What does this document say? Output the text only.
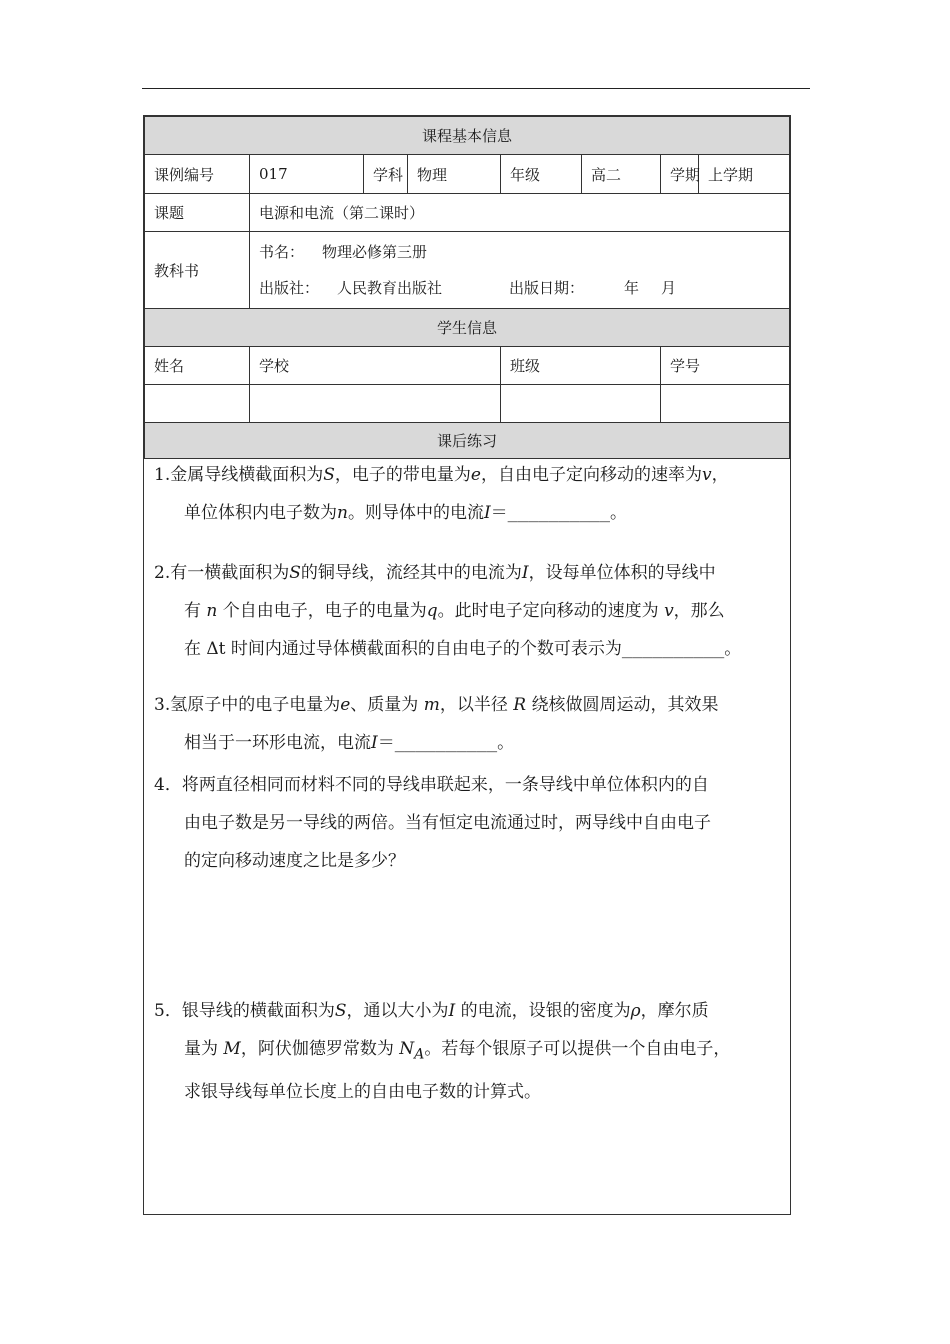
课程基本信息							
课例编号	017	学科	物理	年级	高二	学期	上学期
课题	电源和电流（第二课时）						
教科书	书名： 物理必修第三册
出版社： 人民教育出版社 出版日期： 年 月						

学生信息							
姓名	学校			班级		学号	

课后练习							

1.金属导线横截面积为S，电子的带电量为e，自由电子定向移动的速率为v，

单位体积内电子数为n。则导体中的电流I＝__________。

2.有一横截面积为S的铜导线，流经其中的电流为I，设每单位体积的导线中

有 n 个自由电子，电子的电量为q。此时电子定向移动的速度为 v，那么

在 Δt 时间内通过导体横截面积的自由电子的个数可表示为__________。

3.氢原子中的电子电量为e、质量为 m，以半径 R 绕核做圆周运动，其效果

相当于一环形电流，电流I＝__________。

4．将两直径相同而材料不同的导线串联起来，一条导线中单位体积内的自

由电子数是另一导线的两倍。当有恒定电流通过时，两导线中自由电子

的定向移动速度之比是多少？

5．银导线的横截面积为S，通以大小为I 的电流，设银的密度为ρ，摩尔质

量为 M，阿伏伽德罗常数为 $N_A$。若每个银原子可以提供一个自由电子，

求银导线每单位长度上的自由电子数的计算式。
